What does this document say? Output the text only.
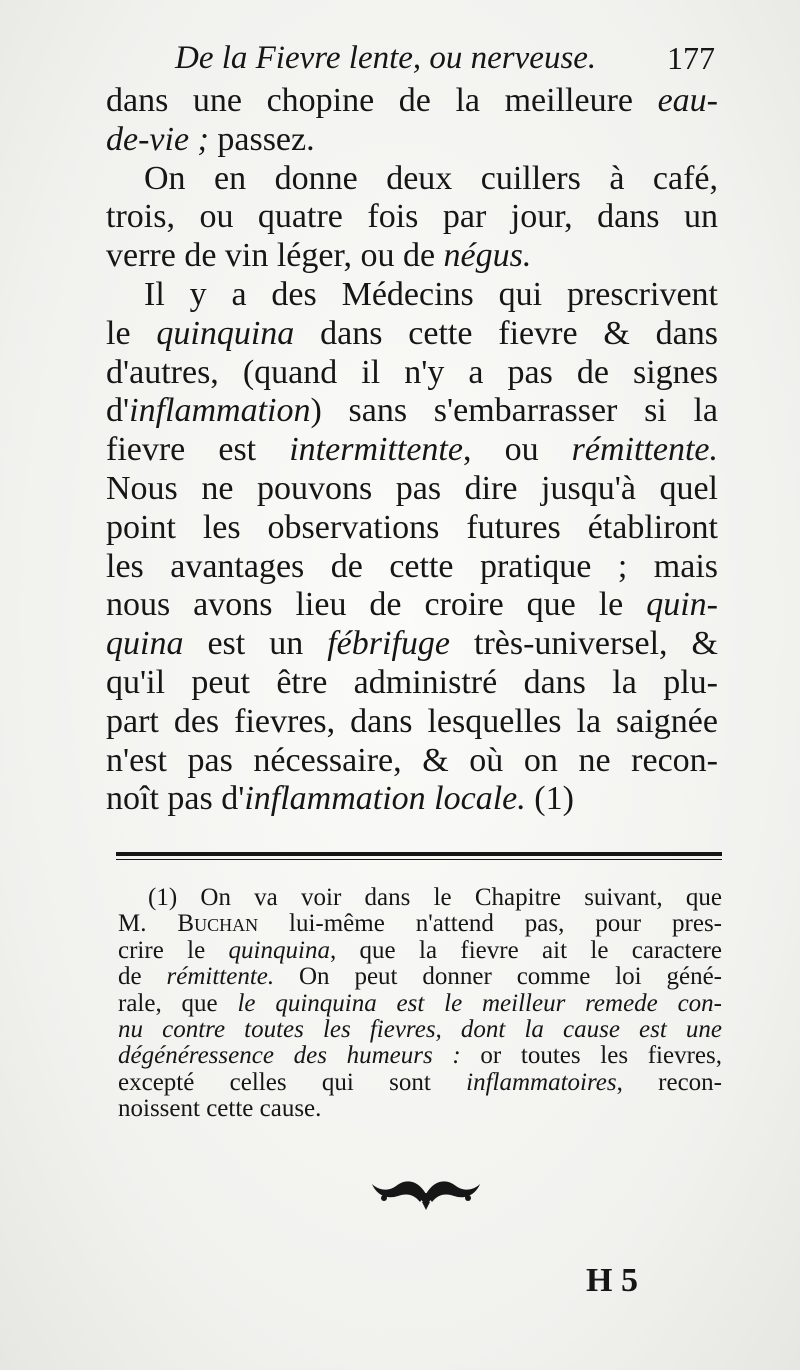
De la Fievre lente, ou nerveuse. 177
dans une chopine de la meilleure eau-
de-vie ; passez.
On en donne deux cuillers à café,
trois, ou quatre fois par jour, dans un
verre de vin léger, ou de négus.
Il y a des Médecins qui prescrivent
le quinquina dans cette fievre & dans
d'autres, (quand il n'y a pas de signes
d'inflammation) sans s'embarrasser si la
fievre est intermittente, ou rémittente.
Nous ne pouvons pas dire jusqu'à quel
point les observations futures établiront
les avantages de cette pratique ; mais
nous avons lieu de croire que le quin-
quina est un fébrifuge très-universel, &
qu'il peut être administré dans la plu-
part des fievres, dans lesquelles la saignée
n'est pas nécessaire, & où on ne recon-
noît pas d'inflammation locale. (1)
(1) On va voir dans le Chapitre suivant, que
M. Buchan lui-même n'attend pas, pour pres-
crire le quinquina, que la fievre ait le caractere
de rémittente. On peut donner comme loi géné-
rale, que le quinquina est le meilleur remede con-
nu contre toutes les fievres, dont la cause est une
dégénéressence des humeurs : or toutes les fievres,
excepté celles qui sont inflammatoires, recon-
noissent cette cause.
H 5
